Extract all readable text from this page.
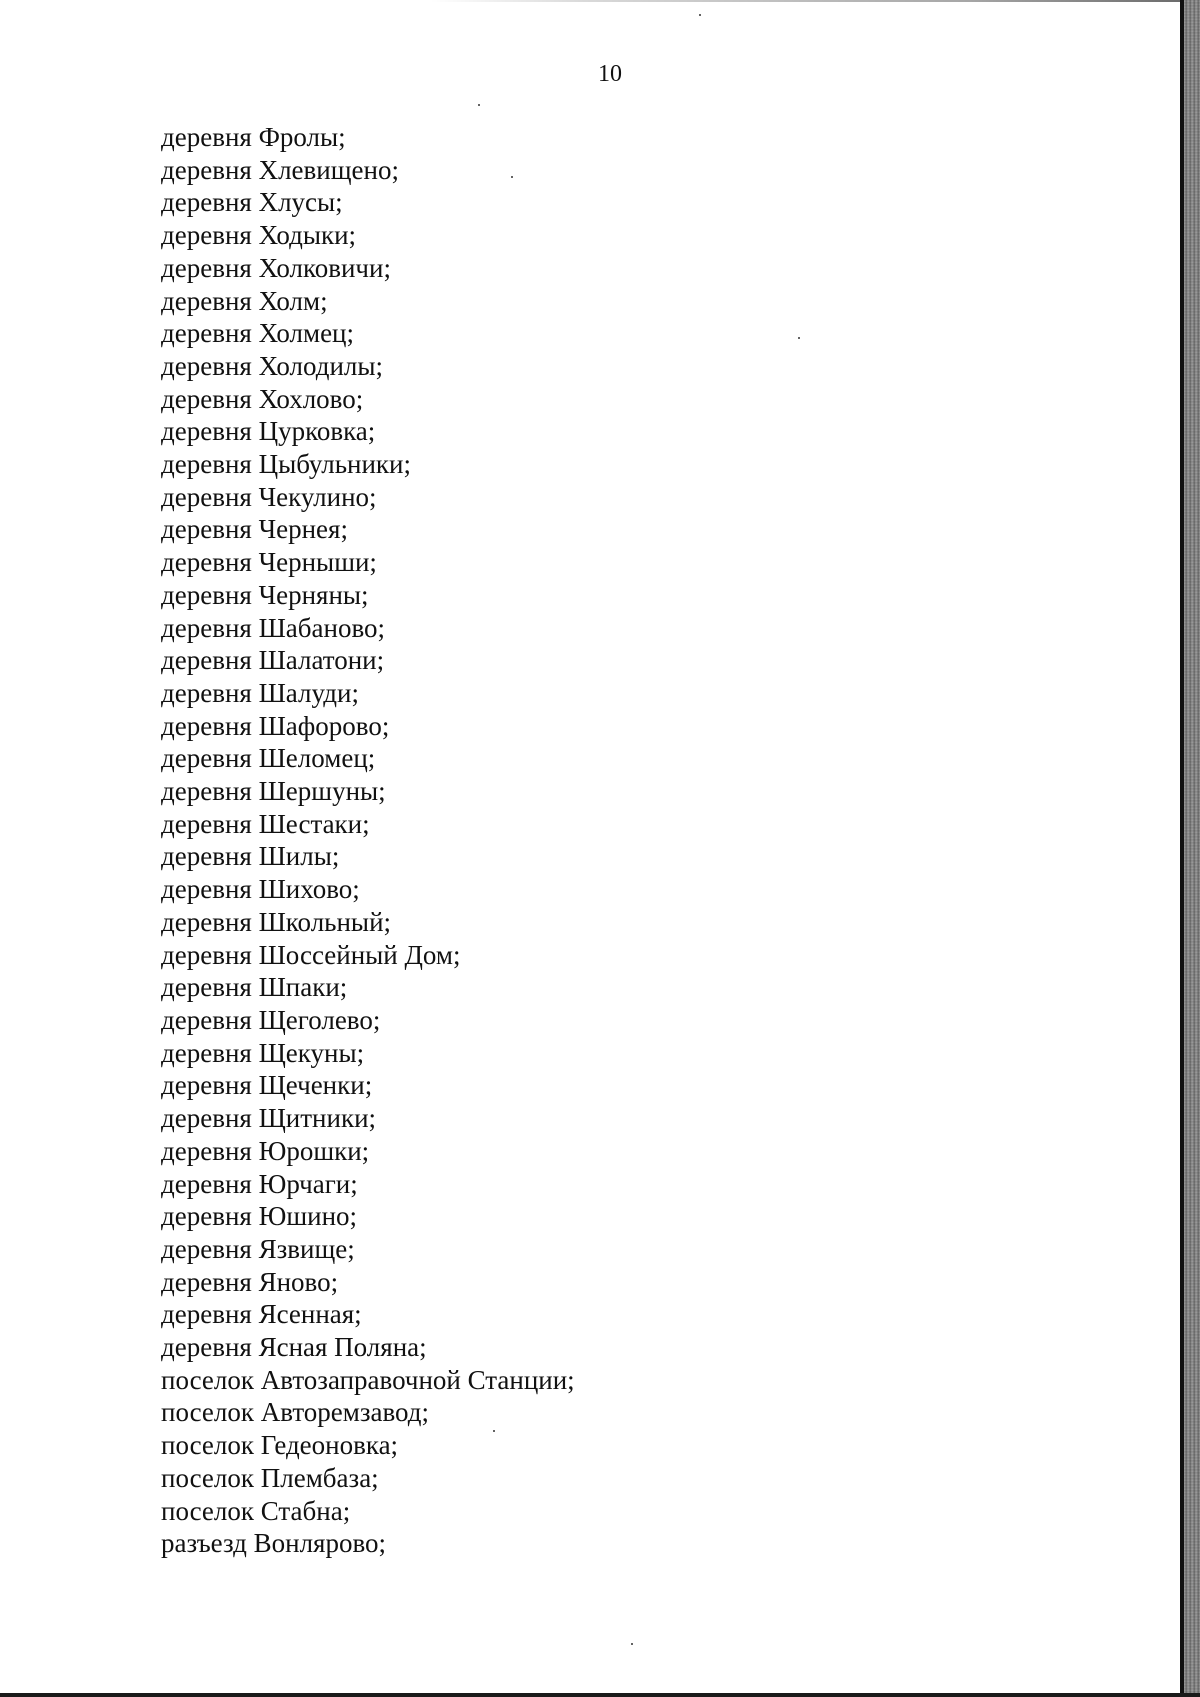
10
деревня Фролы;
деревня Хлевищено;
деревня Хлусы;
деревня Ходыки;
деревня Холковичи;
деревня Холм;
деревня Холмец;
деревня Холодилы;
деревня Хохлово;
деревня Цурковка;
деревня Цыбульники;
деревня Чекулино;
деревня Чернея;
деревня Черныши;
деревня Черняны;
деревня Шабаново;
деревня Шалатони;
деревня Шалуди;
деревня Шафорово;
деревня Шеломец;
деревня Шершуны;
деревня Шестаки;
деревня Шилы;
деревня Шихово;
деревня Школьный;
деревня Шоссейный Дом;
деревня Шпаки;
деревня Щеголево;
деревня Щекуны;
деревня Щеченки;
деревня Щитники;
деревня Юрошки;
деревня Юрчаги;
деревня Юшино;
деревня Язвище;
деревня Яново;
деревня Ясенная;
деревня Ясная Поляна;
поселок Автозаправочной Станции;
поселок Авторемзавод;
поселок Гедеоновка;
поселок Плембаза;
поселок Стабна;
разъезд Вонлярово;
